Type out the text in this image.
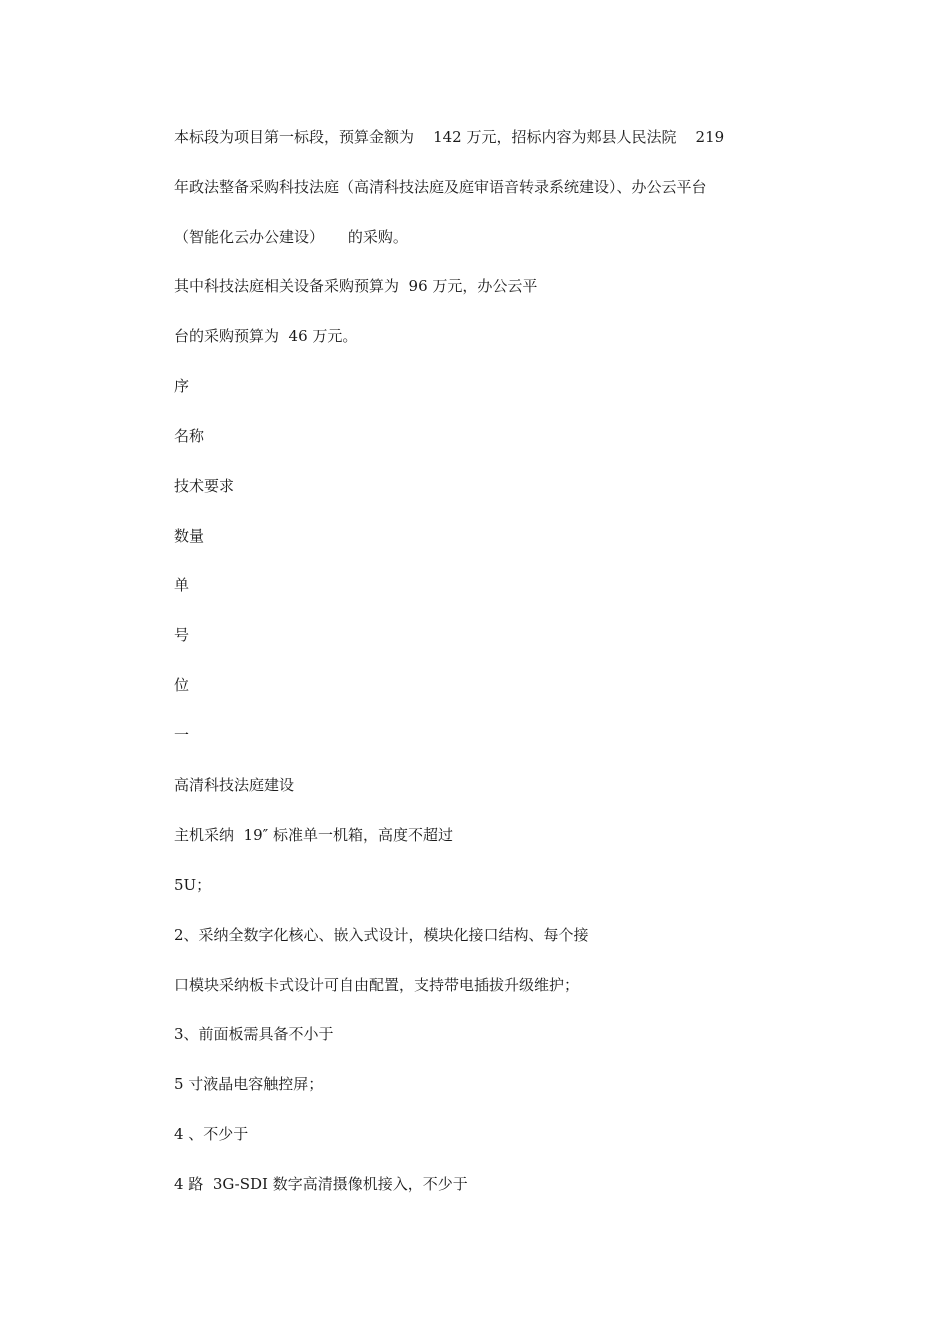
本标段为项目第一标段，预算金额为    142 万元，招标内容为郏县人民法院    219

年政法整备采购科技法庭（高清科技法庭及庭审语音转录系统建设）、办公云平台

（智能化云办公建设）     的采购。

其中科技法庭相关设备采购预算为  96 万元，办公云平

台的采购预算为  46 万元。

序

名称

技术要求

数量

单

号

位

一

高清科技法庭建设

主机采纳  19″ 标准单一机箱，高度不超过

5U；

2、采纳全数字化核心、嵌入式设计，模块化接口结构、每个接

口模块采纳板卡式设计可自由配置，支持带电插拔升级维护；

3、前面板需具备不小于

5 寸液晶电容触控屏；

4 、不少于

4 路  3G-SDI 数字高清摄像机接入，不少于
